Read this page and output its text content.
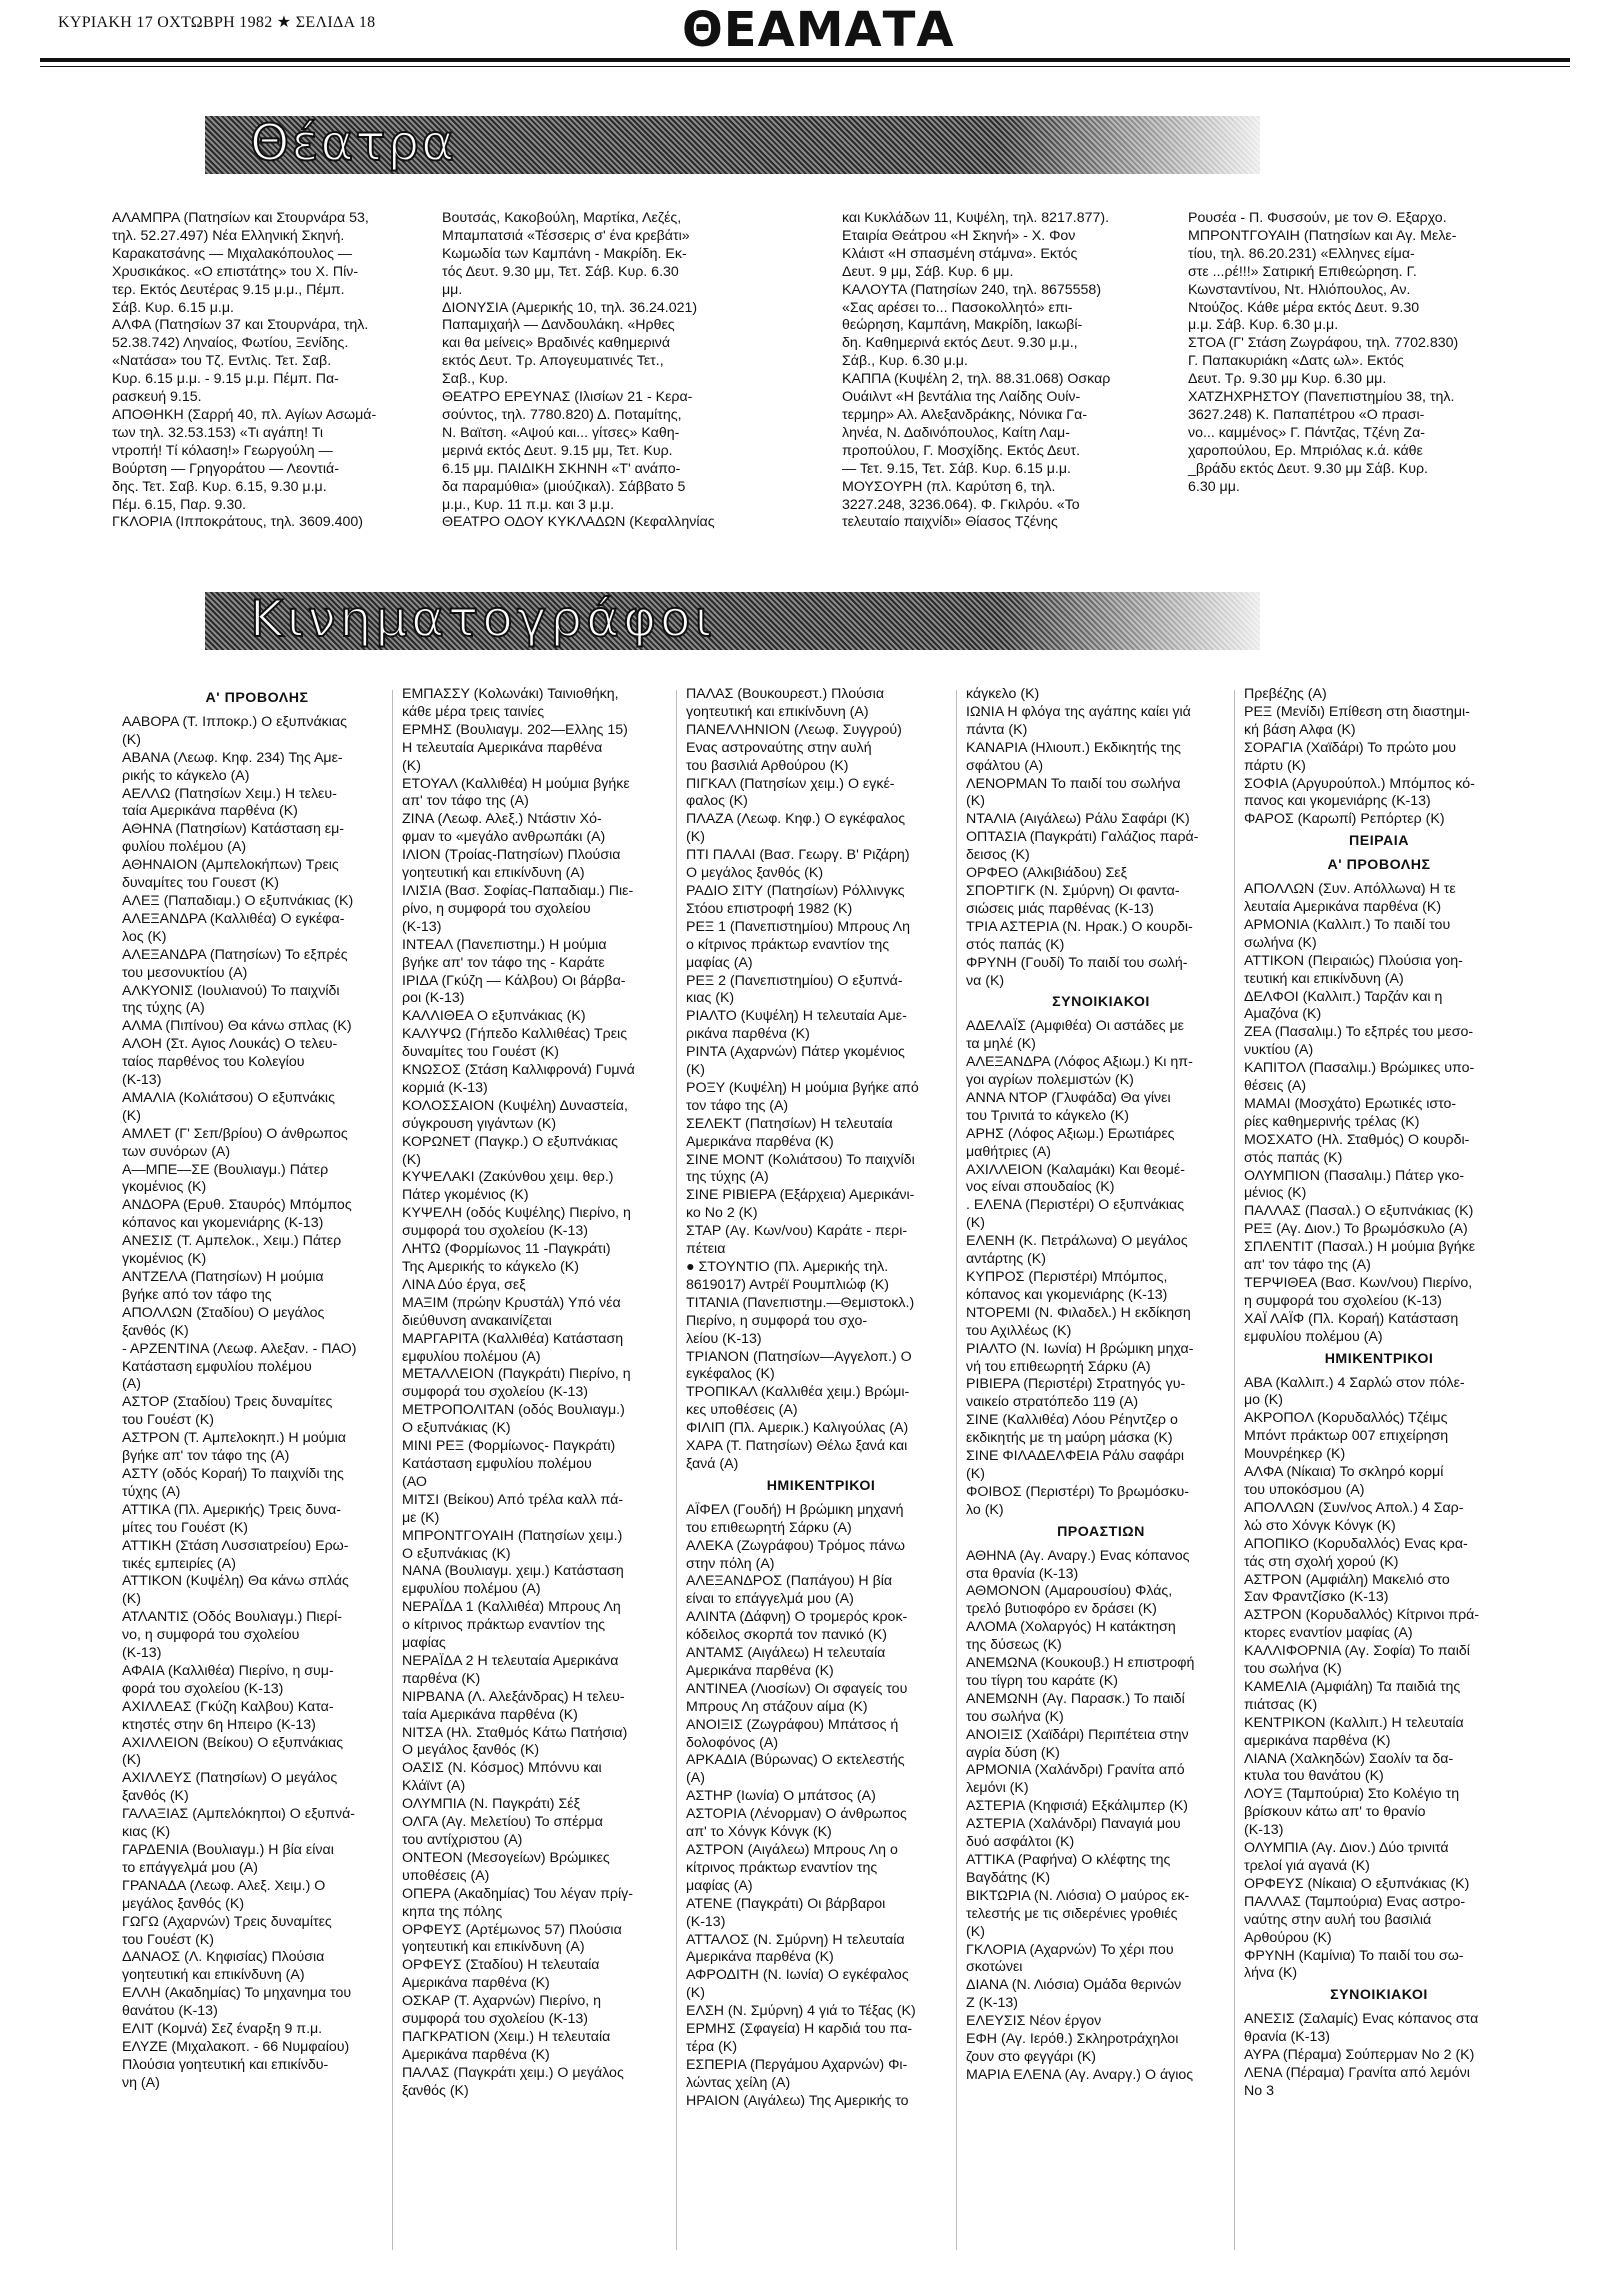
ΚΥΡΙΑΚΗ 17 ΟΧΤΩΒΡΗ 1982 ★ ΣΕΛΙΔΑ 18	ΘΕΑΜΑΤΑ
Θέατρα
Κινηματογράφοι

ΑΛΑΜΠΡΑ (Πατησίων και Στουρνάρα 53,

τηλ. 52.27.497) Νέα Ελληνική Σκηνή.

Καρακατσάνης — Μιχαλακόπουλος —

Χρυσικάκος. «Ο επιστάτης» του Χ. Πίν-

τερ. Εκτός Δευτέρας 9.15 μ.μ., Πέμπ.

Σάβ. Κυρ. 6.15 μ.μ.

ΑΛΦΑ (Πατησίων 37 και Στουρνάρα, τηλ.

52.38.742) Ληναίος, Φωτίου, Ξενίδης.

«Νατάσα» του Τζ. Εντλις. Τετ. Σαβ.

Κυρ. 6.15 μ.μ. - 9.15 μ.μ. Πέμπ. Πα-

ρασκευή 9.15.

ΑΠΟΘΗΚΗ (Σαρρή 40, πλ. Αγίων Ασωμά-

των τηλ. 32.53.153) «Τι αγάπη! Τι

ντροπή! Τί κόλαση!» Γεωργούλη —

Βούρτση — Γρηγοράτου — Λεοντιά-

δης. Τετ. Σαβ. Κυρ. 6.15, 9.30 μ.μ.

Πέμ. 6.15, Παρ. 9.30.

ΓΚΛΟΡΙΑ (Ιπποκράτους, τηλ. 3609.400)

Βουτσάς, Κακοβούλη, Μαρτίκα, Λεζές,

Μπαμπατσιά «Τέσσερις σ' ένα κρεβάτι»

Κωμωδία των Καμπάνη - Μακρίδη. Εκ-

τός Δευτ. 9.30 μμ, Τετ. Σάβ. Κυρ. 6.30

μμ.

ΔΙΟΝΥΣΙΑ (Αμερικής 10, τηλ. 36.24.021)

Παπαμιχαήλ — Δανδουλάκη. «Ηρθες

και θα μείνεις» Βραδινές καθημερινά

εκτός Δευτ. Τρ. Απογευματινές Τετ.,

Σαβ., Κυρ.

ΘΕΑΤΡΟ ΕΡΕΥΝΑΣ (Ιλισίων 21 - Κερα-

σούντος, τηλ. 7780.820) Δ. Ποταμίτης,

Ν. Βαϊτση. «Αψού και... γίτσες» Καθη-

μερινά εκτός Δευτ. 9.15 μμ, Τετ. Κυρ.

6.15 μμ. ΠΑΙΔΙΚΗ ΣΚΗΝΗ «Τ' ανάπο-

δα παραμύθια» (μιούζικαλ). Σάββατο 5

μ.μ., Κυρ. 11 π.μ. και 3 μ.μ.

ΘΕΑΤΡΟ ΟΔΟΥ ΚΥΚΛΑΔΩΝ (Κεφαλληνίας

και Κυκλάδων 11, Κυψέλη, τηλ. 8217.877).

Εταιρία Θεάτρου «Η Σκηνή» - Χ. Φον

Κλάιστ «Η σπασμένη στάμνα». Εκτός

Δευτ. 9 μμ, Σάβ. Κυρ. 6 μμ.

ΚΑΛΟΥΤΑ (Πατησίων 240, τηλ. 8675558)

«Σας αρέσει το... Πασοκολλητό» επι-

θεώρηση, Καμπάνη, Μακρίδη, Ιακωβί-

δη. Καθημερινά εκτός Δευτ. 9.30 μ.μ.,

Σάβ., Κυρ. 6.30 μ.μ.

ΚΑΠΠΑ (Κυψέλη 2, τηλ. 88.31.068) Οσκαρ

Ουάιλντ «Η βεντάλια της Λαίδης Ουίν-

τερμηρ» Αλ. Αλεξανδράκης, Νόνικα Γα-

ληνέα, Ν. Δαδινόπουλος, Καίτη Λαμ-

προπούλου, Γ. Μοσχίδης. Εκτός Δευτ.

— Τετ. 9.15, Τετ. Σάβ. Κυρ. 6.15 μ.μ.

ΜΟΥΣΟΥΡΗ (πλ. Καρύτση 6, τηλ.

3227.248, 3236.064). Φ. Γκιλρόυ. «Το

τελευταίο παιχνίδι» Θίασος Τζένης

Ρουσέα - Π. Φυσσούν, με τον Θ. Εξαρχο.

ΜΠΡΟΝΤΓΟΥΑΙΗ (Πατησίων και Αγ. Μελε-

τίου, τηλ. 86.20.231) «Ελληνες είμα-

στε ...ρέ!!!» Σατιρική Επιθεώρηση. Γ.

Κωνσταντίνου, Ντ. Ηλιόπουλος, Αν.

Ντούζος. Κάθε μέρα εκτός Δευτ. 9.30

μ.μ. Σάβ. Κυρ. 6.30 μ.μ.

ΣΤΟΑ (Γ' Στάση Ζωγράφου, τηλ. 7702.830)

Γ. Παπακυριάκη «Δατς ωλ». Εκτός

Δευτ. Τρ. 9.30 μμ Κυρ. 6.30 μμ.

ΧΑΤΖΗΧΡΗΣΤΟΥ (Πανεπιστημίου 38, τηλ.

3627.248) Κ. Παπαπέτρου «Ο πρασι-

νο... καμμένος» Γ. Πάντζας, Τζένη Ζα-

χαροπούλου, Ερ. Μπριόλας κ.ά. κάθε

_βράδυ εκτός Δευτ. 9.30 μμ Σάβ. Κυρ.

6.30 μμ.

Α' ΠΡΟΒΟΛΗΣ

ΑΑΒΟΡΑ (Τ. Ιπποκρ.) Ο εξυπνάκιας

(Κ)

ΑΒΑΝΑ (Λεωφ. Κηφ. 234) Της Αμε-

ρικής το κάγκελο (Α)

ΑΕΛΛΩ (Πατησίων Χειμ.) Η τελευ-

ταία Αμερικάνα παρθένα (Κ)

ΑΘΗΝΑ (Πατησίων) Κατάσταση εμ-

φυλίου πολέμου (Α)

ΑΘΗΝΑΙΟΝ (Αμπελοκήπων) Τρεις

δυναμίτες του Γουεστ (Κ)

ΑΛΕΞ (Παπαδιαμ.) Ο εξυπνάκιας (Κ)

ΑΛΕΞΑΝΔΡΑ (Καλλιθέα) Ο εγκέφα-

λος (Κ)

ΑΛΕΞΑΝΔΡΑ (Πατησίων) Το εξπρές

του μεσονυκτίου (Α)

ΑΛΚΥΟΝΙΣ (Ιουλιανού) Το παιχνίδι

της τύχης (Α)

ΑΛΜΑ (Πιπίνου) Θα κάνω σπλας (Κ)

ΑΛΟΗ (Στ. Αγιος Λουκάς) Ο τελευ-

ταίος παρθένος του Κολεγίου

(Κ-13)

ΑΜΑΛΙΑ (Κολιάτσου) Ο εξυπνάκις

(Κ)

ΑΜΛΕΤ (Γ' Σεπ/βρίου) Ο άνθρωπος

των συνόρων (Α)

Α—ΜΠΕ—ΣΕ (Βουλιαγμ.) Πάτερ

γκομένιος (Κ)

ΑΝΔΟΡΑ (Ερυθ. Σταυρός) Μπόμπος

κόπανος και γκομενιάρης (Κ-13)

ΑΝΕΣΙΣ (Τ. Αμπελοκ., Χειμ.) Πάτερ

γκομένιος (Κ)

ΑΝΤΖΕΛΑ (Πατησίων) Η μούμια

βγήκε από τον τάφο της

ΑΠΟΛΛΩΝ (Σταδίου) Ο μεγάλος

ξανθός (Κ)

- ΑΡΖΕΝΤΙΝΑ (Λεωφ. Αλεξαν. - ΠΑΟ)

Κατάσταση εμφυλίου πολέμου

(Α)

ΑΣΤΟΡ (Σταδίου) Τρεις δυναμίτες

του Γουέστ (Κ)

ΑΣΤΡΟΝ (Τ. Αμπελοκηπ.) Η μούμια

βγήκε απ' τον τάφο της (Α)

ΑΣΤΥ (οδός Κοραή) Το παιχνίδι της

τύχης (Α)

ΑΤΤΙΚΑ (Πλ. Αμερικής) Τρεις δυνα-

μίτες του Γουέστ (Κ)

ΑΤΤΙΚΗ (Στάση Λυσσιατρείου) Ερω-

τικές εμπειρίες (Α)

ΑΤΤΙΚΟΝ (Κυψέλη) Θα κάνω σπλάς

(Κ)

ΑΤΛΑΝΤΙΣ (Οδός Βουλιαγμ.) Πιερί-

νο, η συμφορά του σχολείου

(Κ-13)

ΑΦΑΙΑ (Καλλιθέα) Πιερίνο, η συμ-

φορά του σχολείου (Κ-13)

ΑΧΙΛΛΕΑΣ (Γκύζη Καλβου) Κατα-

κτηστές στην 6η Ηπειρο (Κ-13)

ΑΧΙΛΛΕΙΟΝ (Βείκου) Ο εξυπνάκιας

(Κ)

ΑΧΙΛΛΕΥΣ (Πατησίων) Ο μεγάλος

ξανθός (Κ)

ΓΑΛΑΞΙΑΣ (Αμπελόκηποι) Ο εξυπνά-

κιας (Κ)

ΓΑΡΔΕΝΙΑ (Βουλιαγμ.) Η βία είναι

το επάγγελμά μου (Α)

ΓΡΑΝΑΔΑ (Λεωφ. Αλεξ. Χειμ.) Ο

μεγάλος ξανθός (Κ)

ΓΩΓΩ (Αχαρνών) Τρεις δυναμίτες

του Γουέστ (Κ)

ΔΑΝΑΟΣ (Λ. Κηφισίας) Πλούσια

γοητευτική και επικίνδυνη (Α)

ΕΛΛΗ (Ακαδημίας) Το μηχανημα του

θανάτου (Κ-13)

ΕΛΙΤ (Κομνά) Σεζ έναρξη 9 π.μ.

ΕΛΥΖΕ (Μιχαλακοπ. - 66 Νυμφαίου)

Πλούσια γοητευτική και επικίνδυ-

νη (Α)

ΕΜΠΑΣΣΥ (Κολωνάκι) Ταινιοθήκη,

κάθε μέρα τρεις ταινίες

ΕΡΜΗΣ (Βουλιαγμ. 202—Ελλης 15)

Η τελευταία Αμερικάνα παρθένα

(Κ)

ΕΤΟΥΑΛ (Καλλιθέα) Η μούμια βγήκε

απ' τον τάφο της (Α)

ΖΙΝΑ (Λεωφ. Αλεξ.) Ντάστιν Χό-

φμαν το «μεγάλο ανθρωπάκι (Α)

ΙΛΙΟΝ (Τροίας-Πατησίων) Πλούσια

γοητευτική και επικίνδυνη (Α)

ΙΛΙΣΙΑ (Βασ. Σοφίας-Παπαδιαμ.) Πιε-

ρίνο, η συμφορά του σχολείου

(Κ-13)

ΙΝΤΕΑΛ (Πανεπιστημ.) Η μούμια

βγήκε απ' τον τάφο της - Καράτε

ΙΡΙΔΑ (Γκύζη — Κάλβου) Οι βάρβα-

ροι (Κ-13)

ΚΑΛΛΙΘΕΑ Ο εξυπνάκιας (Κ)

ΚΑΛΥΨΩ (Γήπεδο Καλλιθέας) Τρεις

δυναμίτες του Γουέστ (Κ)

ΚΝΩΣΟΣ (Στάση Καλλιφρονά) Γυμνά

κορμιά (Κ-13)

ΚΟΛΟΣΣΑΙΟΝ (Κυψέλη) Δυναστεία,

σύγκρουση γιγάντων (Κ)

ΚΟΡΩΝΕΤ (Παγκρ.) Ο εξυπνάκιας

(Κ)

ΚΥΨΕΛΑΚΙ (Ζακύνθου χειμ. θερ.)

Πάτερ γκομένιος (Κ)

ΚΥΨΕΛΗ (οδός Κυψέλης) Πιερίνο, η

συμφορά του σχολείου (Κ-13)

ΛΗΤΩ (Φορμίωνος 11 -Παγκράτι)

Της Αμερικής το κάγκελο (Κ)

ΛΙΝΑ Δύο έργα, σεξ

ΜΑΞΙΜ (πρώην Κρυστάλ) Υπό νέα

διεύθυνση ανακαινίζεται

ΜΑΡΓΑΡΙΤΑ (Καλλιθέα) Κατάσταση

εμφυλίου πολέμου (Α)

ΜΕΤΑΛΛΕΙΟΝ (Παγκράτι) Πιερίνο, η

συμφορά του σχολείου (Κ-13)

ΜΕΤΡΟΠΟΛΙΤΑΝ (οδός Βουλιαγμ.)

Ο εξυπνάκιας (Κ)

ΜΙΝΙ ΡΕΞ (Φορμίωνος- Παγκράτι)

Κατάσταση εμφυλίου πολέμου

(ΑΟ

ΜΙΤΣΙ (Βείκου) Από τρέλα καλλ πά-

με (Κ)

ΜΠΡΟΝΤΓΟΥΑΙΗ (Πατησίων χειμ.)

Ο εξυπνάκιας (Κ)

ΝΑΝΑ (Βουλιαγμ. χειμ.) Κατάσταση

εμφυλίου πολέμου (Α)

ΝΕΡΑΪΔΑ 1 (Καλλιθέα) Μπρους Λη

ο κίτρινος πράκτωρ εναντίον της

μαφίας

ΝΕΡΑΪΔΑ 2 Η τελευταία Αμερικάνα

παρθένα (Κ)

ΝΙΡΒΑΝΑ (Λ. Αλεξάνδρας) Η τελευ-

ταία Αμερικάνα παρθένα (Κ)

ΝΙΤΣΑ (Ηλ. Σταθμός Κάτω Πατήσια)

Ο μεγάλος ξανθός (Κ)

ΟΑΣΙΣ (Ν. Κόσμος) Μπόννυ και

Κλάϊντ (Α)

ΟΛΥΜΠΙΑ (Ν. Παγκράτι) Σέξ

ΟΛΓΑ (Αγ. Μελετίου) Το σπέρμα

του αντίχριστου (Α)

ΟΝΤΕΟΝ (Μεσογείων) Βρώμικες

υποθέσεις (Α)

ΟΠΕΡΑ (Ακαδημίας) Του λέγαν πρίγ-

κηπα της πόλης

ΟΡΦΕΥΣ (Αρτέμωνος 57) Πλούσια

γοητευτική και επικίνδυνη (Α)

ΟΡΦΕΥΣ (Σταδίου) Η τελευταία

Αμερικάνα παρθένα (Κ)

ΟΣΚΑΡ (Τ. Αχαρνών) Πιερίνο, η

συμφορά του σχολείου (Κ-13)

ΠΑΓΚΡΑΤΙΟΝ (Χειμ.) Η τελευταία

Αμερικάνα παρθένα (Κ)

ΠΑΛΑΣ (Παγκράτι χειμ.) Ο μεγάλος

ξανθός (Κ)

ΠΑΛΑΣ (Βουκουρεστ.) Πλούσια

γοητευτική και επικίνδυνη (Α)

ΠΑΝΕΛΛΗΝΙΟΝ (Λεωφ. Συγγρού)

Ενας αστροναύτης στην αυλή

του βασιλιά Αρθούρου (Κ)

ΠΙΓΚΑΛ (Πατησίων χειμ.) Ο εγκέ-

φαλος (Κ)

ΠΛΑΖΑ (Λεωφ. Κηφ.) Ο εγκέφαλος

(Κ)

ΠΤΙ ΠΑΛΑΙ (Βασ. Γεωργ. Β' Ριζάρη)

Ο μεγάλος ξανθός (Κ)

ΡΑΔΙΟ ΣΙΤΥ (Πατησίων) Ρόλλινγκς

Στόου επιστροφή 1982 (Κ)

ΡΕΞ 1 (Πανεπιστημίου) Μπρους Λη

ο κίτρινος πράκτωρ εναντίον της

μαφίας (Α)

ΡΕΞ 2 (Πανεπιστημίου) Ο εξυπνά-

κιας (Κ)

ΡΙΑΛΤΟ (Κυψέλη) Η τελευταία Αμε-

ρικάνα παρθένα (Κ)

ΡΙΝΤΑ (Αχαρνών) Πάτερ γκομένιος

(Κ)

ΡΟΞΥ (Κυψέλη) Η μούμια βγήκε από

τον τάφο της (Α)

ΣΕΛΕΚΤ (Πατησίων) Η τελευταία

Αμερικάνα παρθένα (Κ)

ΣΙΝΕ ΜΟΝΤ (Κολιάτσου) Το παιχνίδι

της τύχης (Α)

ΣΙΝΕ ΡΙΒΙΕΡΑ (Εξάρχεια) Αμερικάνι-

κο Νο 2 (Κ)

ΣΤΑΡ (Αγ. Κων/νου) Καράτε - περι-

πέτεια

● ΣΤΟΥΝΤΙΟ (Πλ. Αμερικής τηλ.

8619017) Αντρέϊ Ρουμπλιώφ (Κ)

ΤΙΤΑΝΙΑ (Πανεπιστημ.—Θεμιστοκλ.)

Πιερίνο, η συμφορά του σχο-

λείου (Κ-13)

ΤΡΙΑΝΟΝ (Πατησίων—Αγγελοπ.) Ο

εγκέφαλος (Κ)

ΤΡΟΠΙΚΑΛ (Καλλιθέα χειμ.) Βρώμι-

κες υποθέσεις (Α)

ΦΙΛΙΠ (Πλ. Αμερικ.) Καλιγούλας (Α)

ΧΑΡΑ (Τ. Πατησίων) Θέλω ξανά και

ξανά (Α)

ΗΜΙΚΕΝΤΡΙΚΟΙ

ΑΪΦΕΛ (Γουδή) Η βρώμικη μηχανή

του επιθεωρητή Σάρκυ (Α)

ΑΛΕΚΑ (Ζωγράφου) Τρόμος πάνω

στην πόλη (Α)

ΑΛΕΞΑΝΔΡΟΣ (Παπάγου) Η βία

είναι το επάγγελμά μου (Α)

ΑΛΙΝΤΑ (Δάφνη) Ο τρομερός κροκ-

κόδειλος σκορπά τον πανικό (Κ)

ΑΝΤΑΜΣ (Αιγάλεω) Η τελευταία

Αμερικάνα παρθένα (Κ)

ΑΝΤΙΝΕΑ (Λιοσίων) Οι σφαγείς του

Μπρους Λη στάζουν αίμα (Κ)

ΑΝΟΙΞΙΣ (Ζωγράφου) Μπάτσος ή

δολοφόνος (Α)

ΑΡΚΑΔΙΑ (Βύρωνας) Ο εκτελεστής

(Α)

ΑΣΤΗΡ (Ιωνία) Ο μπάτσος (Α)

ΑΣΤΟΡΙΑ (Λένορμαν) Ο άνθρωπος

απ' το Χόνγκ Κόνγκ (Κ)

ΑΣΤΡΟΝ (Αιγάλεω) Μπρους Λη ο

κίτρινος πράκτωρ εναντίον της

μαφίας (Α)

ΑΤΕΝΕ (Παγκράτι) Οι βάρβαροι

(Κ-13)

ΑΤΤΑΛΟΣ (Ν. Σμύρνη) Η τελευταία

Αμερικάνα παρθένα (Κ)

ΑΦΡΟΔΙΤΗ (Ν. Ιωνία) Ο εγκέφαλος

(Κ)

ΕΛΣΗ (Ν. Σμύρνη) 4 γιά το Τέξας (Κ)

ΕΡΜΗΣ (Σφαγεία) Η καρδιά του πα-

τέρα (Κ)

ΕΣΠΕΡΙΑ (Περγάμου Αχαρνών) Φι-

λώντας χείλη (Α)

ΗΡΑΙΟΝ (Αιγάλεω) Της Αμερικής το

κάγκελο (Κ)

ΙΩΝΙΑ Η φλόγα της αγάπης καίει γιά

πάντα (Κ)

ΚΑΝΑΡΙΑ (Ηλιουπ.) Εκδικητής της

σφάλτου (Α)

ΛΕΝΟΡΜΑΝ Το παιδί του σωλήνα

(Κ)

ΝΤΑΛΙΑ (Αιγάλεω) Ράλυ Σαφάρι (Κ)

ΟΠΤΑΣΙΑ (Παγκράτι) Γαλάζιος παρά-

δεισος (Κ)

ΟΡΦΕΟ (Αλκιβιάδου) Σεξ

ΣΠΟΡΤΙΓΚ (Ν. Σμύρνη) Οι φαντα-

σιώσεις μιάς παρθένας (Κ-13)

ΤΡΙΑ ΑΣΤΕΡΙΑ (Ν. Ηρακ.) Ο κουρδι-

στός παπάς (Κ)

ΦΡΥΝΗ (Γουδί) Το παιδί του σωλή-

να (Κ)

ΣΥΝΟΙΚΙΑΚΟΙ

ΑΔΕΛΑΪΣ (Αμφιθέα) Οι αστάδες με

τα μηλέ (Κ)

ΑΛΕΞΑΝΔΡΑ (Λόφος Αξιωμ.) Κι ηπ-

γοι αγρίων πολεμιστών (Κ)

ΑΝΝΑ ΝΤΟΡ (Γλυφάδα) Θα γίνει

του Τρινιτά το κάγκελο (Κ)

ΑΡΗΣ (Λόφος Αξιωμ.) Ερωτιάρες

μαθήτριες (Α)

ΑΧΙΛΛΕΙΟΝ (Καλαμάκι) Και θεομέ-

νος είναι σπουδαίος (Κ)

. ΕΛΕΝΑ (Περιστέρι) Ο εξυπνάκιας

(Κ)

ΕΛΕΝΗ (Κ. Πετράλωνα) Ο μεγάλος

αντάρτης (Κ)

ΚΥΠΡΟΣ (Περιστέρι) Μπόμπος,

κόπανος και γκομενιάρης (Κ-13)

ΝΤΟΡΕΜΙ (Ν. Φιλαδελ.) Η εκδίκηση

του Αχιλλέως (Κ)

ΡΙΑΛΤΟ (Ν. Ιωνία) Η βρώμικη μηχα-

νή του επιθεωρητή Σάρκυ (Α)

ΡΙΒΙΕΡΑ (Περιστέρι) Στρατηγός γυ-

ναικείο στρατόπεδο 119 (Α)

ΣΙΝΕ (Καλλιθέα) Λόου Ρέηντζερ ο

εκδικητής με τη μαύρη μάσκα (Κ)

ΣΙΝΕ ΦΙΛΑΔΕΛΦΕΙΑ Ράλυ σαφάρι

(Κ)

ΦΟΙΒΟΣ (Περιστέρι) Το βρωμόσκυ-

λο (Κ)

ΠΡΟΑΣΤΙΩΝ

ΑΘΗΝΑ (Αγ. Αναργ.) Ενας κόπανος

στα θρανία (Κ-13)

ΑΘΜΟΝΟΝ (Αμαρουσίου) Φλάς,

τρελό βυτιοφόρο εν δράσει (Κ)

ΑΛΟΜΑ (Χολαργός) Η κατάκτηση

της δύσεως (Κ)

ΑΝΕΜΩΝΑ (Κουκουβ.) Η επιστροφή

του τίγρη του καράτε (Κ)

ΑΝΕΜΩΝΗ (Αγ. Παρασκ.) Το παιδί

του σωλήνα (Κ)

ΑΝΟΙΞΙΣ (Χαϊδάρι) Περιπέτεια στην

αγρία δύση (Κ)

ΑΡΜΟΝΙΑ (Χαλάνδρι) Γρανίτα από

λεμόνι (Κ)

ΑΣΤΕΡΙΑ (Κηφισιά) Εξκάλιμπερ (Κ)

ΑΣΤΕΡΙΑ (Χαλάνδρι) Παναγιά μου

δυό ασφάλτοι (Κ)

ΑΤΤΙΚΑ (Ραφήνα) Ο κλέφτης της

Βαγδάτης (Κ)

ΒΙΚΤΩΡΙΑ (Ν. Λιόσια) Ο μαύρος εκ-

τελεστής με τις σιδερένιες γροθιές

(Κ)

ΓΚΛΟΡΙΑ (Αχαρνών) Το χέρι που

σκοτώνει

ΔΙΑΝΑ (Ν. Λιόσια) Ομάδα θερινών

Ζ (Κ-13)

ΕΛΕΥΣΙΣ Νέον έργον

ΕΦΗ (Αγ. Ιερόθ.) Σκληροτράχηλοι

ζουν στο φεγγάρι (Κ)

ΜΑΡΙΑ ΕΛΕΝΑ (Αγ. Αναργ.) Ο άγιος

Πρεβέζης (Α)

ΡΕΞ (Μενίδι) Επίθεση στη διαστημι-

κή βάση Αλφα (Κ)

ΣΟΡΑΓΙΑ (Χαϊδάρι) Το πρώτο μου

πάρτυ (Κ)

ΣΟΦΙΑ (Αργυρούπολ.) Μπόμπος κό-

πανος και γκομενιάρης (Κ-13)

ΦΑΡΟΣ (Καρωπί) Ρεπόρτερ (Κ)

ΠΕΙΡΑΙΑ

Α' ΠΡΟΒΟΛΗΣ

ΑΠΟΛΛΩΝ (Συν. Απόλλωνα) Η τε

λευταία Αμερικάνα παρθένα (Κ)

ΑΡΜΟΝΙΑ (Καλλιπ.) Το παιδί του

σωλήνα (Κ)

ΑΤΤΙΚΟΝ (Πειραιώς) Πλούσια γοη-

τευτική και επικίνδυνη (Α)

ΔΕΛΦΟΙ (Καλλιπ.) Ταρζάν και η

Αμαζόνα (Κ)

ΖΕΑ (Πασαλιμ.) Το εξπρές του μεσο-

νυκτίου (Α)

ΚΑΠΙΤΟΛ (Πασαλιμ.) Βρώμικες υπο-

θέσεις (Α)

ΜΑΜΑΙ (Μοσχάτο) Ερωτικές ιστο-

ρίες καθημερινής τρέλας (Κ)

ΜΟΣΧΑΤΟ (Ηλ. Σταθμός) Ο κουρδι-

στός παπάς (Κ)

ΟΛΥΜΠΙΟΝ (Πασαλιμ.) Πάτερ γκο-

μένιος (Κ)

ΠΑΛΛΑΣ (Πασαλ.) Ο εξυπνάκιας (Κ)

ΡΕΞ (Αγ. Διον.) Το βρωμόσκυλο (Α)

ΣΠΛΕΝΤΙΤ (Πασαλ.) Η μούμια βγήκε

απ' τον τάφο της (Α)

ΤΕΡΨΙΘΕΑ (Βασ. Κων/νου) Πιερίνο,

η συμφορά του σχολείου (Κ-13)

ΧΑΪ ΛΑΪΦ (Πλ. Κοραή) Κατάσταση

εμφυλίου πολέμου (Α)

ΗΜΙΚΕΝΤΡΙΚΟΙ

ΑΒΑ (Καλλιπ.) 4 Σαρλώ στον πόλε-

μο (Κ)

ΑΚΡΟΠΟΛ (Κορυδαλλός) Τζέιμς

Μπόντ πράκτωρ 007 επιχείρηση

Μουνρέηκερ (Κ)

ΑΛΦΑ (Νίκαια) Το σκληρό κορμί

του υποκόσμου (Α)

ΑΠΟΛΛΩΝ (Συν/νος Απολ.) 4 Σαρ-

λώ στο Χόνγκ Κόνγκ (Κ)

ΑΠΟΠΙΚΟ (Κορυδαλλός) Ενας κρα-

τάς στη σχολή χορού (Κ)

ΑΣΤΡΟΝ (Αμφιάλη) Μακελιό στο

Σαν Φραντζίσκο (Κ-13)

ΑΣΤΡΟΝ (Κορυδαλλός) Κίτρινοι πρά-

κτορες εναντίον μαφίας (Α)

ΚΑΛΛΙΦΟΡΝΙΑ (Αγ. Σοφία) Το παιδί

του σωλήνα (Κ)

ΚΑΜΕΛΙΑ (Αμφιάλη) Τα παιδιά της

πιάτσας (Κ)

ΚΕΝΤΡΙΚΟΝ (Καλλιπ.) Η τελευταία

αμερικάνα παρθένα (Κ)

ΛΙΑΝΑ (Χαλκηδών) Σαολίν τα δα-

κτυλα του θανάτου (Κ)

ΛΟΥΞ (Ταμπούρια) Στο Κολέγιο τη

βρίσκουν κάτω απ' το θρανίο

(Κ-13)

ΟΛΥΜΠΙΑ (Αγ. Διον.) Δύο τρινιτά

τρελοί γιά αγανά (Κ)

ΟΡΦΕΥΣ (Νίκαια) Ο εξυπνάκιας (Κ)

ΠΑΛΛΑΣ (Ταμπούρια) Ενας αστρο-

ναύτης στην αυλή του βασιλιά

Αρθούρου (Κ)

ΦΡΥΝΗ (Καμίνια) Το παιδί του σω-

λήνα (Κ)

ΣΥΝΟΙΚΙΑΚΟΙ

ΑΝΕΣΙΣ (Σαλαμίς) Ενας κόπανος στα

θρανία (Κ-13)

ΑΥΡΑ (Πέραμα) Σούπερμαν Νο 2 (Κ)

ΛΕΝΑ (Πέραμα) Γρανίτα από λεμόνι

Νο 3
